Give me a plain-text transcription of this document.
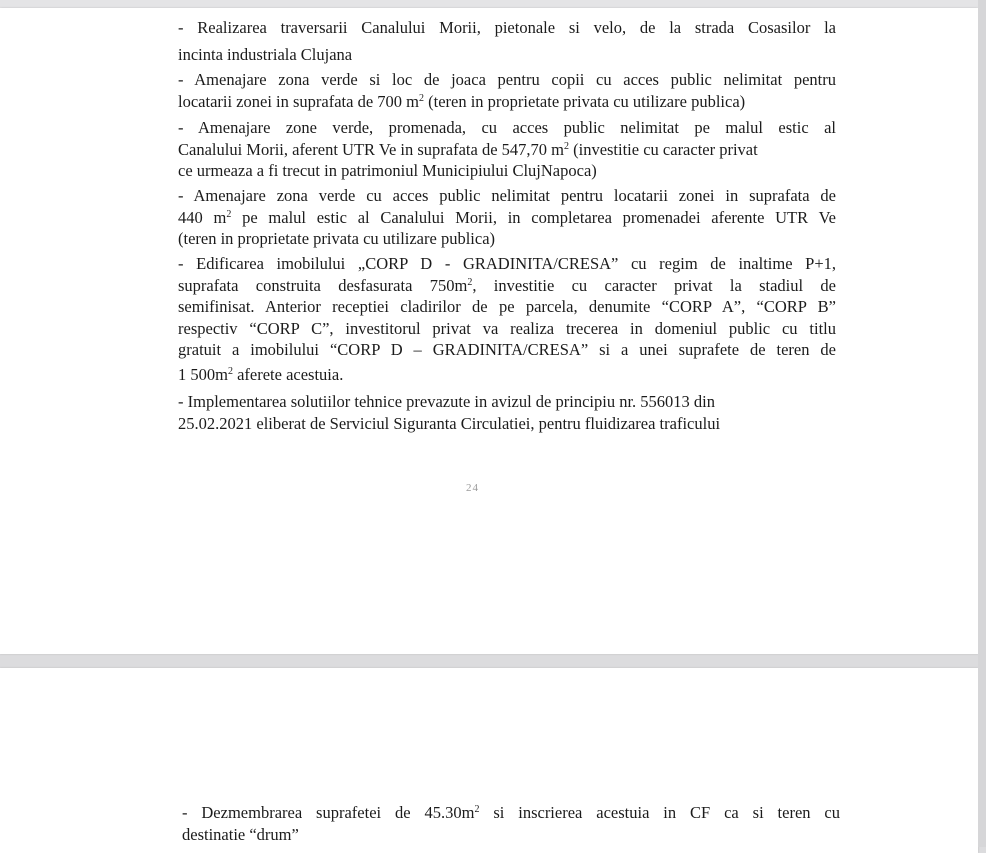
- Realizarea traversarii Canalului Morii, pietonale si velo, de la strada Cosasilor la
incinta industriala Clujana
- Amenajare zona verde si loc de joaca pentru copii cu acces public nelimitat pentru
locatarii zonei in suprafata de 700 $m^2$ (teren in proprietate privata cu utilizare publica)
- Amenajare zone verde, promenada, cu acces public nelimitat pe malul estic al
Canalului Morii, aferent UTR Ve in suprafata de 547,70 $m^2$ (investitie cu caracter privat
ce urmeaza a fi trecut in patrimoniul Municipiului ClujNapoca)
- Amenajare zona verde cu acces public nelimitat pentru locatarii zonei in suprafata de
440 $m^2$ pe malul estic al Canalului Morii, in completarea promenadei aferente UTR Ve
(teren in proprietate privata cu utilizare publica)
- Edificarea imobilului „CORP D - GRADINITA/CRESA” cu regim de inaltime P+1,
suprafata construita desfasurata $750m^2$, investitie cu caracter privat la stadiul de
semifinisat. Anterior receptiei cladirilor de pe parcela, denumite “CORP A”, “CORP B”
respectiv “CORP C”, investitorul privat va realiza trecerea in domeniul public cu titlu
gratuit a imobilului “CORP D – GRADINITA/CRESA” si a unei suprafete de teren de
1 $500m^2$ aferete acestuia.
- Implementarea solutiilor tehnice prevazute in avizul de principiu nr. 556013 din
25.02.2021 eliberat de Serviciul Siguranta Circulatiei, pentru fluidizarea traficului
24
- Dezmembrarea suprafetei de $45.30m^2$ si inscrierea acestuia in CF ca si teren cu
destinatie “drum”
